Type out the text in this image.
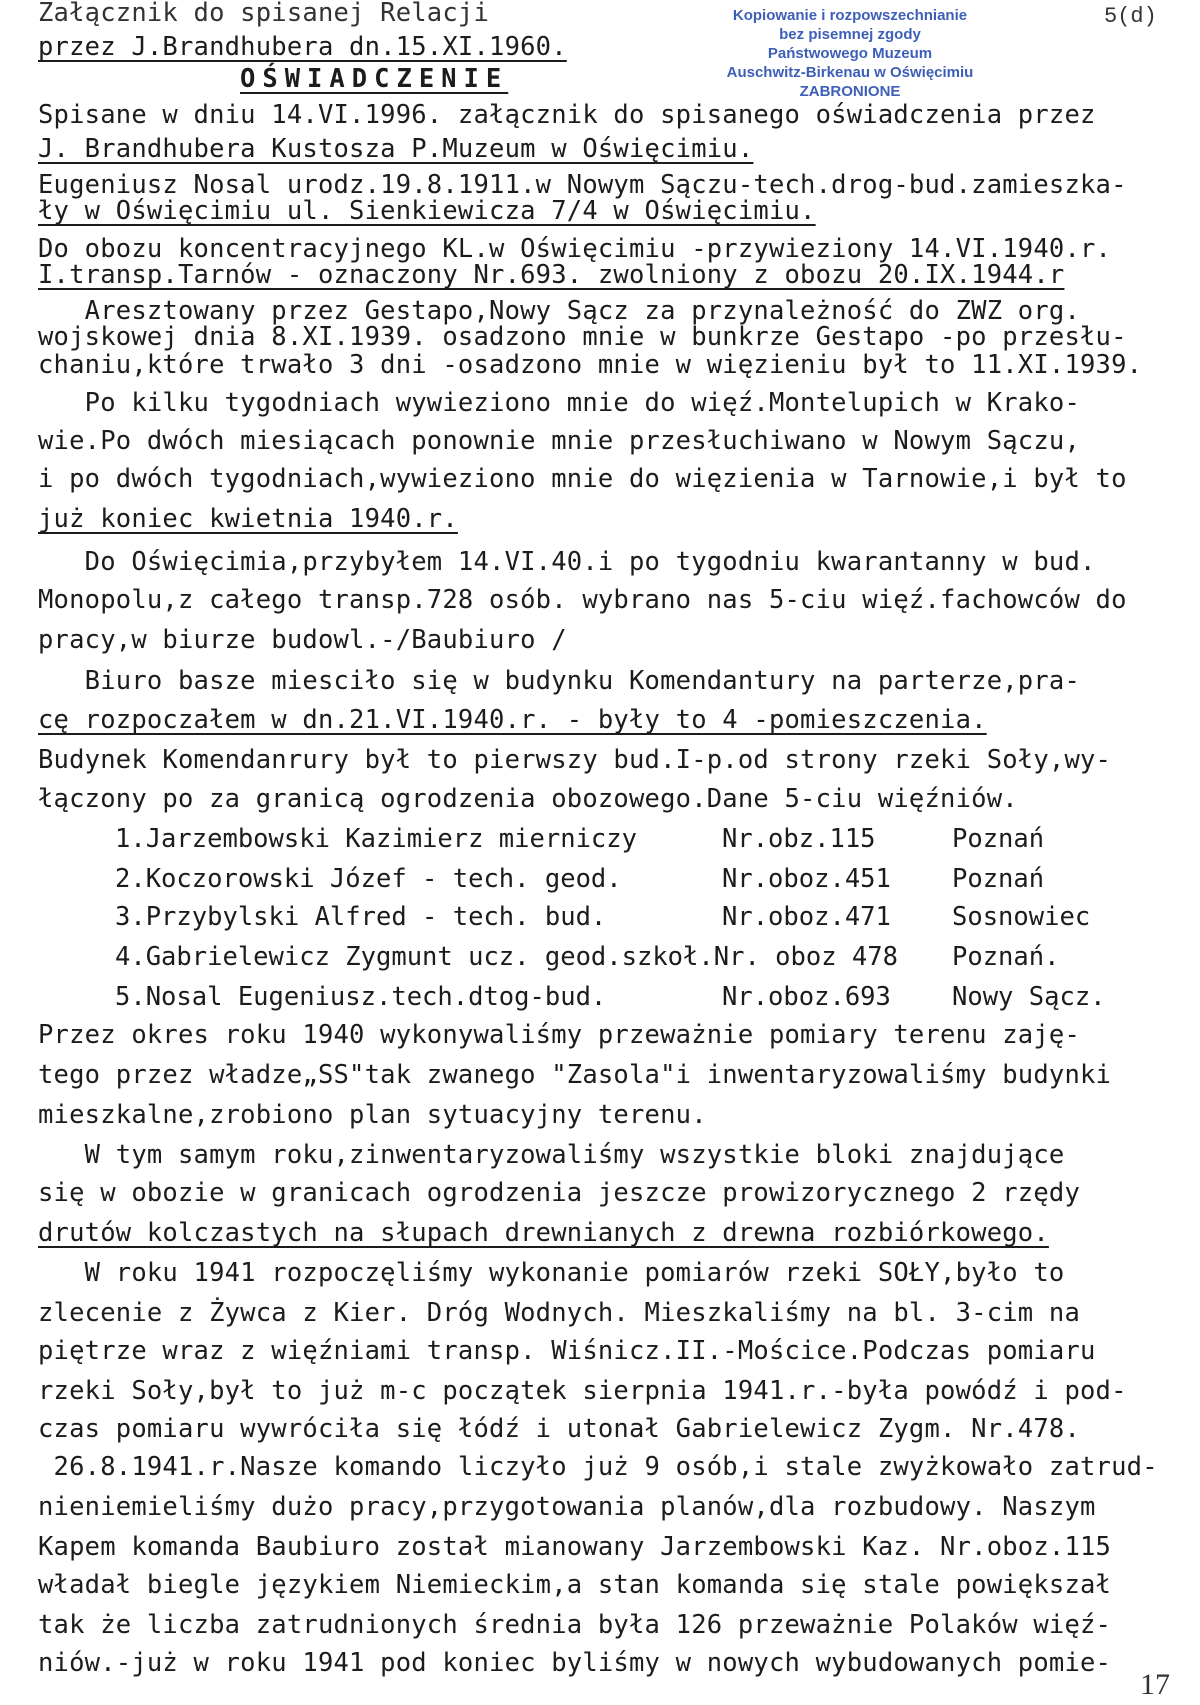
Kopiowanie i rozpowszechnianie
bez pisemnej zgody
Państwowego Muzeum
Auschwitz-Birkenau w Oświęcimiu
ZABRONIONE
5(d)
Załącznik do spisanej Relacji
przez J.Brandhubera dn.15.XI.1960.
OŚWIADCZENIE
Spisane w dniu 14.VI.1996. załącznik do spisanego oświadczenia przez
J. Brandhubera Kustosza P.Muzeum w Oświęcimiu.
Eugeniusz Nosal urodz.19.8.1911.w Nowym Sączu-tech.drog-bud.zamieszka-
ły w Oświęcimiu ul. Sienkiewicza 7/4 w Oświęcimiu.
Do obozu koncentracyjnego KL.w Oświęcimiu -przywieziony 14.VI.1940.r.
I.transp.Tarnów - oznaczony Nr.693. zwolniony z obozu 20.IX.1944.r
Aresztowany przez Gestapo,Nowy Sącz za przynależność do ZWZ org.
wojskowej dnia 8.XI.1939. osadzono mnie w bunkrze Gestapo -po przesłu-
chaniu,które trwało 3 dni -osadzono mnie w więzieniu był to 11.XI.1939.
Po kilku tygodniach wywieziono mnie do więź.Montelupich w Krako-
wie.Po dwóch miesiącach ponownie mnie przesłuchiwano w Nowym Sączu,
i po dwóch tygodniach,wywieziono mnie do więzienia w Tarnowie,i był to
już koniec kwietnia 1940.r.
Do Oświęcimia,przybyłem 14.VI.40.i po tygodniu kwarantanny w bud.
Monopolu,z całego transp.728 osób. wybrano nas 5-ciu więź.fachowców do
pracy,w biurze budowl.-/Baubiuro /
Biuro basze miesciło się w budynku Komendantury na parterze,pra-
cę rozpoczałem w dn.21.VI.1940.r. - były to 4 -pomieszczenia.
Budynek Komendanrury był to pierwszy bud.I-p.od strony rzeki Soły,wy-
łączony po za granicą ogrodzenia obozowego.Dane 5-ciu więźniów.
1.Jarzembowski Kazimierz mierniczy	Nr.obz.115	Poznań
2.Koczorowski Józef - tech. geod.	Nr.oboz.451 Poznań
3.Przybylski Alfred - tech. bud.	Nr.oboz.471 Sosnowiec
4.Gabrielewicz Zygmunt ucz. geod.szkoł.Nr. oboz 478 Poznań.
5.Nosal Eugeniusz.tech.dtog-bud.	Nr.oboz.693 Nowy Sącz.
Przez okres roku 1940 wykonywaliśmy przeważnie pomiary terenu zaję-
tego przez władze„SS"tak zwanego "Zasola"i inwentaryzowaliśmy budynki
mieszkalne,zrobiono plan sytuacyjny terenu.
W tym samym roku,zinwentaryzowaliśmy wszystkie bloki znajdujące
się w obozie w granicach ogrodzenia jeszcze prowizorycznego 2 rzędy
drutów kolczastych na słupach drewnianych z drewna rozbiórkowego.
W roku 1941 rozpoczęliśmy wykonanie pomiarów rzeki SOŁY,było to
zlecenie z Żywca z Kier. Dróg Wodnych. Mieszkaliśmy na bl. 3-cim na
piętrze wraz z więźniami transp. Wiśnicz.II.-Mościce.Podczas pomiaru
rzeki Soły,był to już m-c początek sierpnia 1941.r.-była powódź i pod-
czas pomiaru wywróciła się łódź i utonał Gabrielewicz Zygm. Nr.478.
26.8.1941.r.Nasze komando liczyło już 9 osób,i stale zwyżkowało zatrud-
nieniemieliśmy dużo pracy,przygotowania planów,dla rozbudowy. Naszym
Kapem komanda Baubiuro został mianowany Jarzembowski Kaz. Nr.oboz.115
władał biegle językiem Niemieckim,a stan komanda się stale powiększał
tak że liczba zatrudnionych średnia była 126 przeważnie Polaków więź-
niów.-już w roku 1941 pod koniec byliśmy w nowych wybudowanych pomie-
17
